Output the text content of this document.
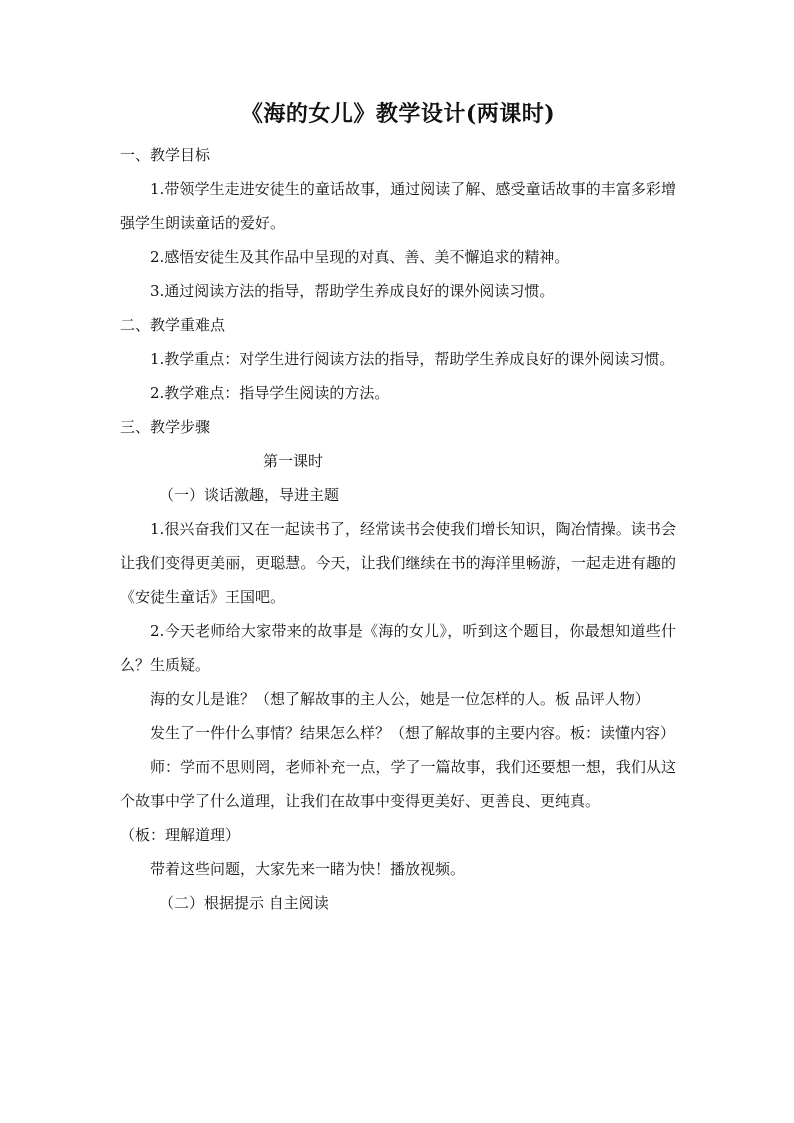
《海的女儿》教学设计(两课时)
一、教学目标

1.带领学生走进安徒生的童话故事，通过阅读了解、感受童话故事的丰富多彩增强学生朗读童话的爱好。

2.感悟安徒生及其作品中呈现的对真、善、美不懈追求的精神。

3.通过阅读方法的指导，帮助学生养成良好的课外阅读习惯。

二、教学重难点

1.教学重点：对学生进行阅读方法的指导，帮助学生养成良好的课外阅读习惯。

2.教学难点：指导学生阅读的方法。

三、教学步骤
第一课时
（一）谈话激趣，导进主题

1.很兴奋我们又在一起读书了，经常读书会使我们增长知识，陶冶情操。读书会让我们变得更美丽，更聪慧。今天，让我们继续在书的海洋里畅游，一起走进有趣的《安徒生童话》王国吧。

2.今天老师给大家带来的故事是《海的女儿》，听到这个题目，你最想知道些什么？生质疑。

海的女儿是谁？（想了解故事的主人公，她是一位怎样的人。板 品评人物）

发生了一件什么事情？结果怎么样？（想了解故事的主要内容。板：读懂内容）

师：学而不思则罔，老师补充一点，学了一篇故事，我们还要想一想，我们从这个故事中学了什么道理，让我们在故事中变得更美好、更善良、更纯真。

（板：理解道理）

带着这些问题，大家先来一睹为快！播放视频。

（二）根据提示 自主阅读
